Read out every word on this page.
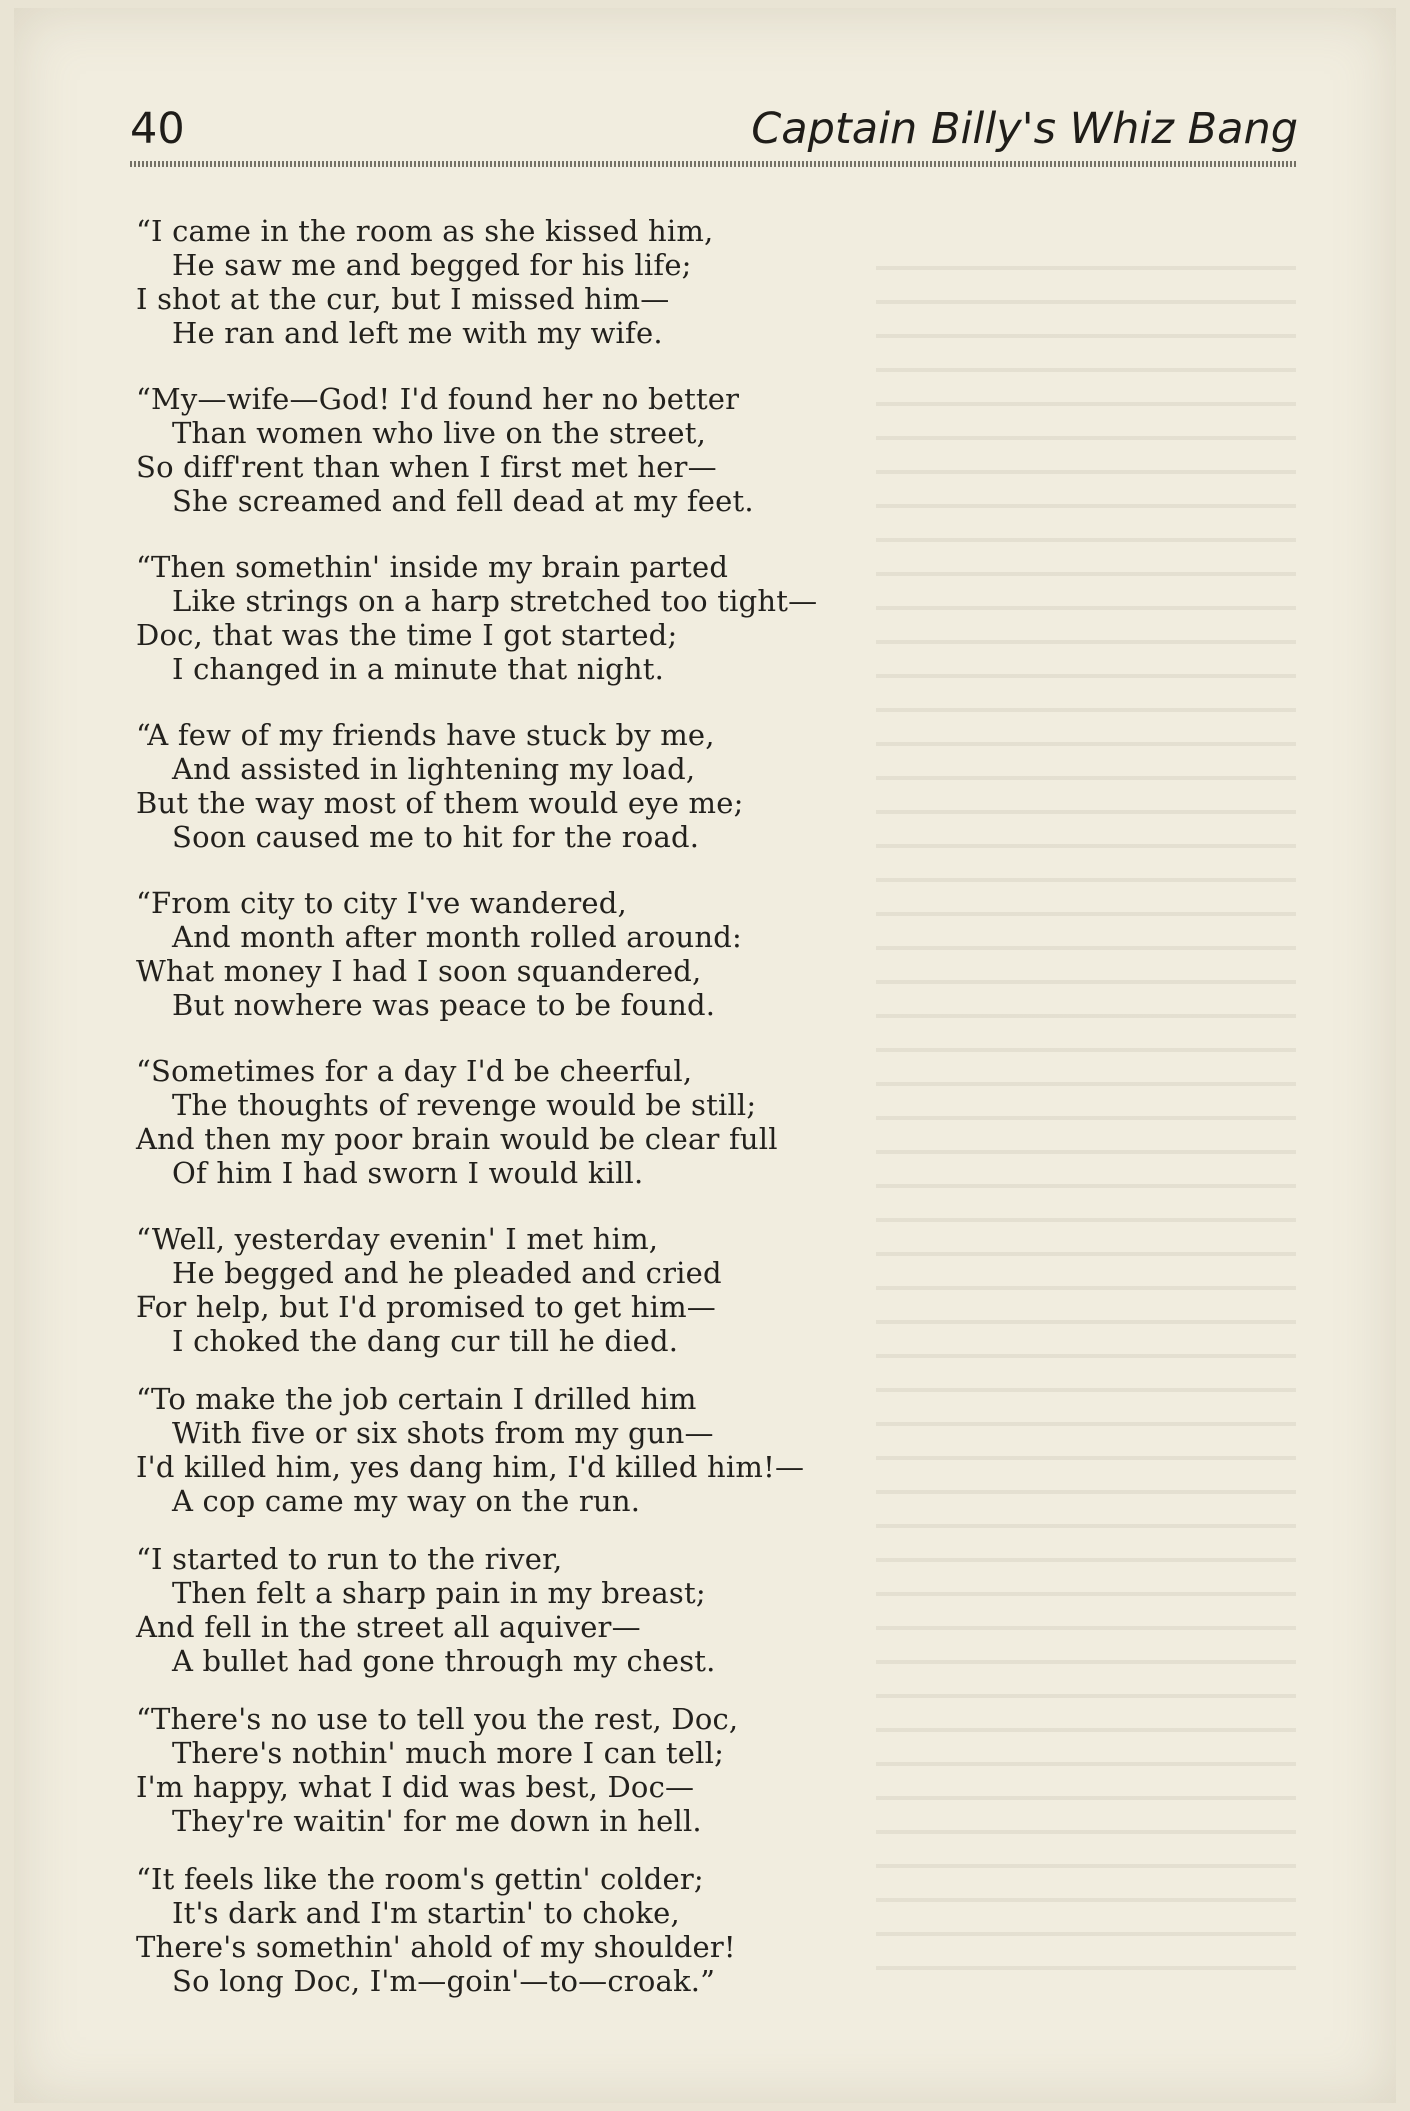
40	Captain Billy's Whiz Bang
“I came in the room as she kissed him,
He saw me and begged for his life;
I shot at the cur, but I missed him—
He ran and left me with my wife.
“My—wife—God! I'd found her no better
Than women who live on the street,
So diff'rent than when I first met her—
She screamed and fell dead at my feet.
“Then somethin' inside my brain parted
Like strings on a harp stretched too tight—
Doc, that was the time I got started;
I changed in a minute that night.
“A few of my friends have stuck by me,
And assisted in lightening my load,
But the way most of them would eye me;
Soon caused me to hit for the road.
“From city to city I've wandered,
And month after month rolled around:
What money I had I soon squandered,
But nowhere was peace to be found.
“Sometimes for a day I'd be cheerful,
The thoughts of revenge would be still;
And then my poor brain would be clear full
Of him I had sworn I would kill.
“Well, yesterday evenin' I met him,
He begged and he pleaded and cried
For help, but I'd promised to get him—
I choked the dang cur till he died.
“To make the job certain I drilled him
With five or six shots from my gun—
I'd killed him, yes dang him, I'd killed him!—
A cop came my way on the run.
“I started to run to the river,
Then felt a sharp pain in my breast;
And fell in the street all aquiver—
A bullet had gone through my chest.
“There's no use to tell you the rest, Doc,
There's nothin' much more I can tell;
I'm happy, what I did was best, Doc—
They're waitin' for me down in hell.
“It feels like the room's gettin' colder;
It's dark and I'm startin' to choke,
There's somethin' ahold of my shoulder!
So long Doc, I'm—goin'—to—croak.”
